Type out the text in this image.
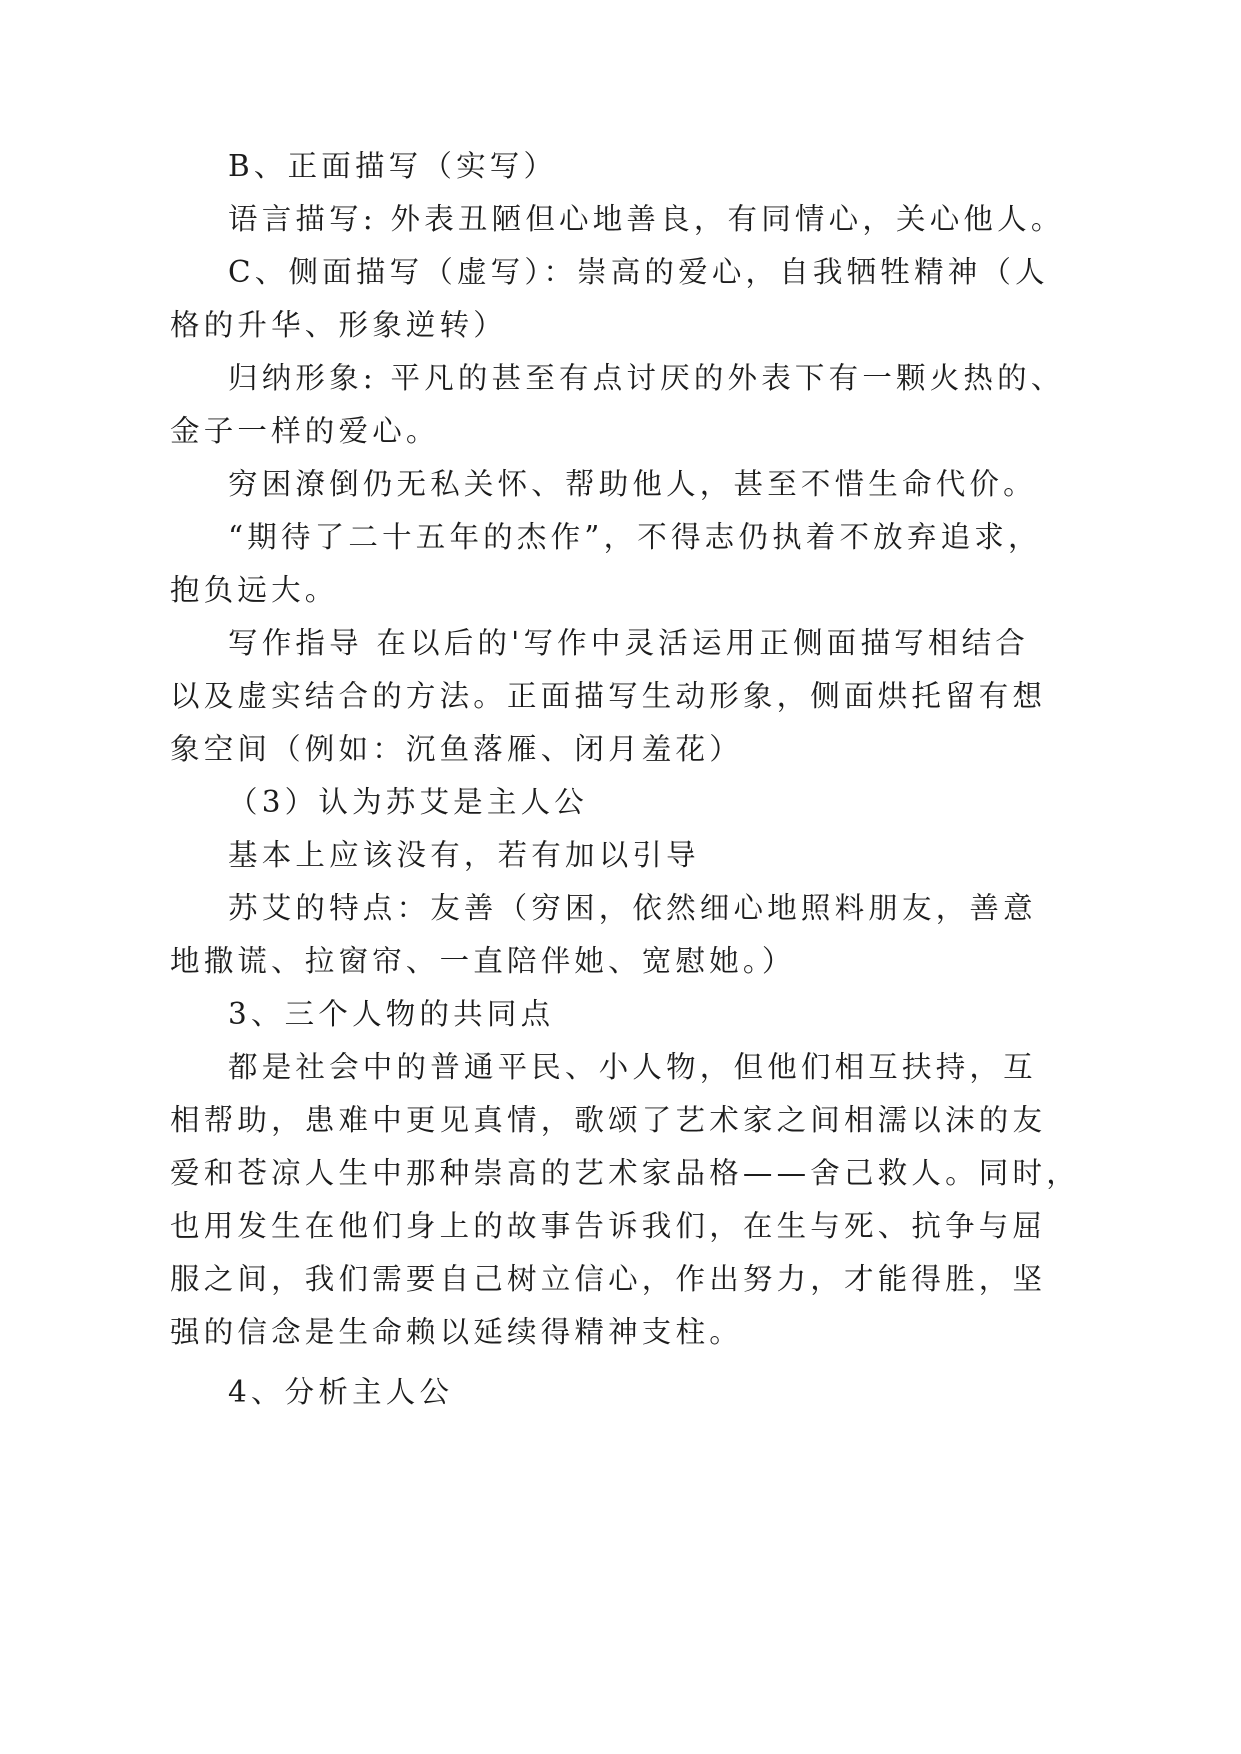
B、正面描写（实写）
语言描写: 外表丑陋但心地善良，有同情心，关心他人。
C、侧面描写（虚写）：崇高的爱心，自我牺牲精神（人
格的升华、形象逆转）
归纳形象: 平凡的甚至有点讨厌的外表下有一颗火热的、
金子一样的爱心。
穷困潦倒仍无私关怀、帮助他人，甚至不惜生命代价。
“期待了二十五年的杰作”，不得志仍执着不放弃追求，
抱负远大。
写作指导 在以后的'写作中灵活运用正侧面描写相结合
以及虚实结合的方法。正面描写生动形象，侧面烘托留有想
象空间（例如：沉鱼落雁、闭月羞花）
（3）认为苏艾是主人公
基本上应该没有，若有加以引导
苏艾的特点：友善（穷困，依然细心地照料朋友，善意
地撒谎、拉窗帘、一直陪伴她、宽慰她。）
3、三个人物的共同点
都是社会中的普通平民、小人物，但他们相互扶持，互
相帮助，患难中更见真情，歌颂了艺术家之间相濡以沫的友
爱和苍凉人生中那种崇高的艺术家品格——舍己救人。同时，
也用发生在他们身上的故事告诉我们，在生与死、抗争与屈
服之间，我们需要自己树立信心，作出努力，才能得胜，坚
强的信念是生命赖以延续得精神支柱。
4、分析主人公
